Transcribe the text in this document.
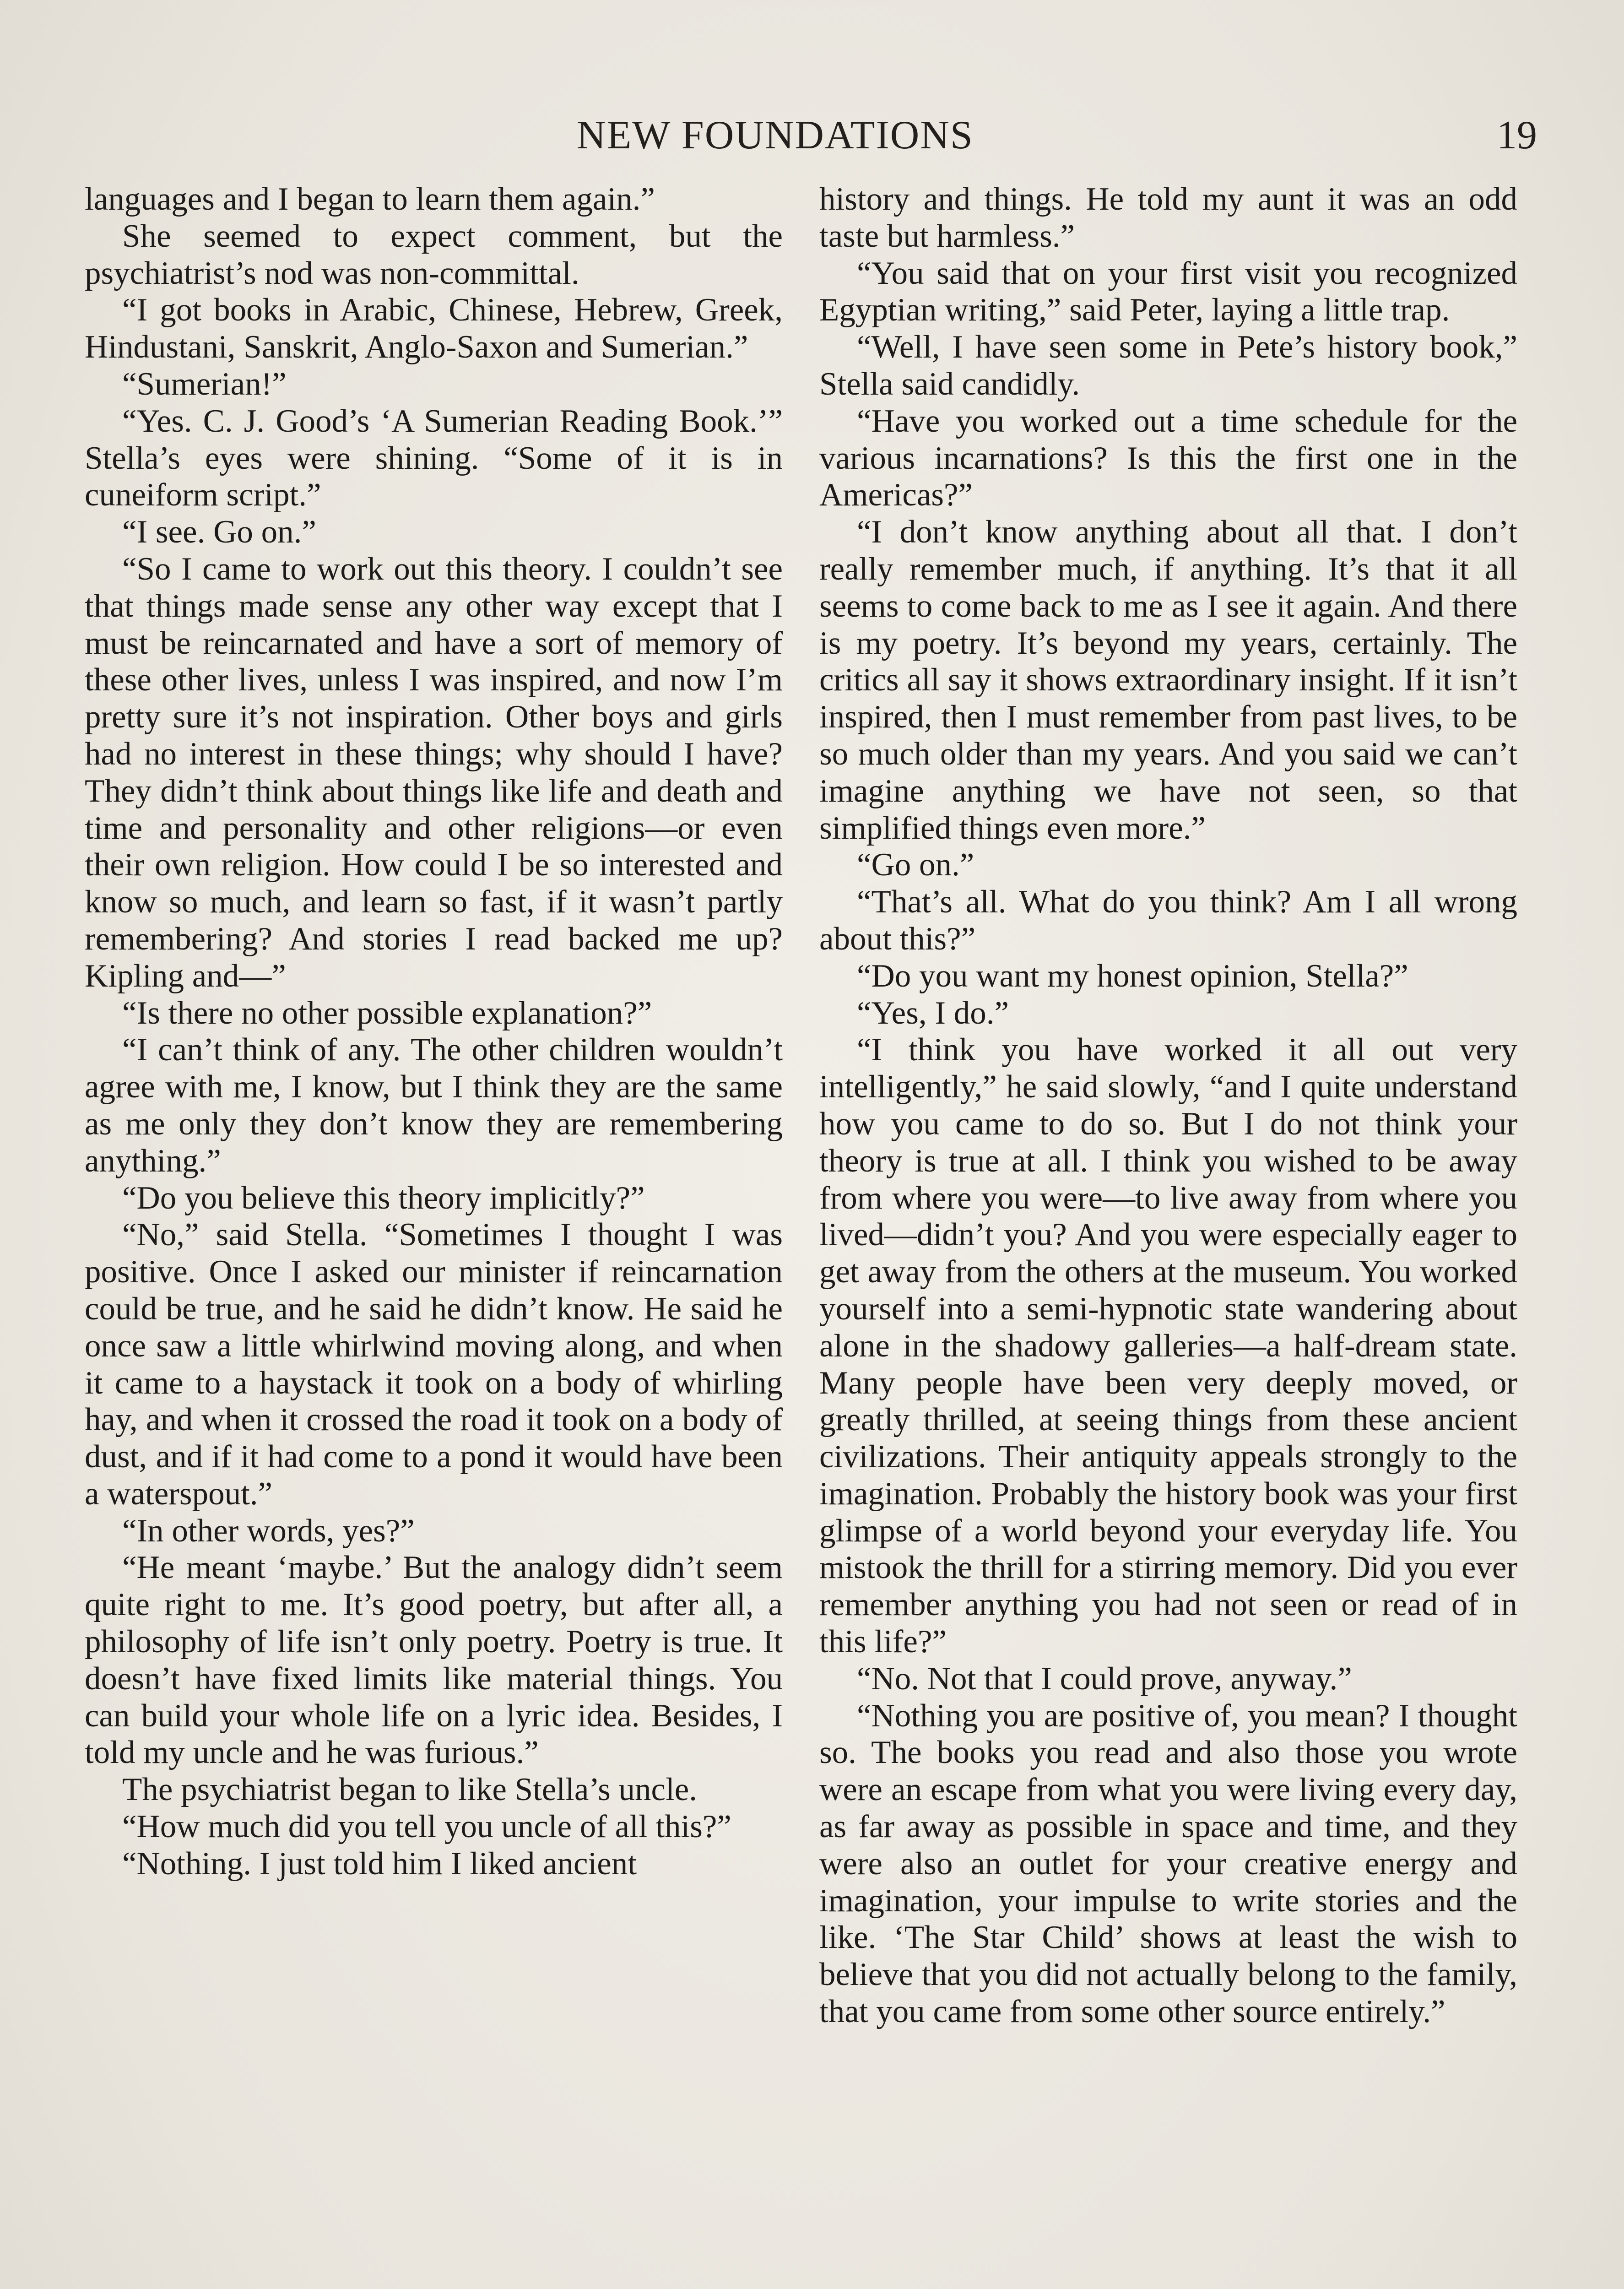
NEW FOUNDATIONS	19

languages and I began to learn them again.”

She seemed to expect comment, but the psychiatrist’s nod was non-committal.

“I got books in Arabic, Chinese, Hebrew, Greek, Hindustani, Sanskrit, Anglo-Saxon and Sumerian.”

“Sumerian!”

“Yes. C. J. Good’s ‘A Sumerian Reading Book.’” Stella’s eyes were shining. “Some of it is in cuneiform script.”

“I see. Go on.”

“So I came to work out this theory. I couldn’t see that things made sense any other way except that I must be reincarnated and have a sort of memory of these other lives, unless I was inspired, and now I’m pretty sure it’s not inspiration. Other boys and girls had no interest in these things; why should I have? They didn’t think about things like life and death and time and personality and other religions—or even their own religion. How could I be so interested and know so much, and learn so fast, if it wasn’t partly remembering? And stories I read backed me up? Kipling and—”

“Is there no other possible explanation?”

“I can’t think of any. The other children wouldn’t agree with me, I know, but I think they are the same as me only they don’t know they are remembering anything.”

“Do you believe this theory implicitly?”

“No,” said Stella. “Sometimes I thought I was positive. Once I asked our minister if reincarnation could be true, and he said he didn’t know. He said he once saw a little whirlwind moving along, and when it came to a haystack it took on a body of whirling hay, and when it crossed the road it took on a body of dust, and if it had come to a pond it would have been a waterspout.”

“In other words, yes?”

“He meant ‘maybe.’ But the analogy didn’t seem quite right to me. It’s good poetry, but after all, a philosophy of life isn’t only poetry. Poetry is true. It doesn’t have fixed limits like material things. You can build your whole life on a lyric idea. Besides, I told my uncle and he was furious.”

The psychiatrist began to like Stella’s uncle.

“How much did you tell you uncle of all this?”

“Nothing. I just told him I liked ancient

history and things. He told my aunt it was an odd taste but harmless.”

“You said that on your first visit you recognized Egyptian writing,” said Peter, laying a little trap.

“Well, I have seen some in Pete’s history book,” Stella said candidly.

“Have you worked out a time schedule for the various incarnations? Is this the first one in the Americas?”

“I don’t know anything about all that. I don’t really remember much, if anything. It’s that it all seems to come back to me as I see it again. And there is my poetry. It’s beyond my years, certainly. The critics all say it shows extraordinary insight. If it isn’t inspired, then I must remember from past lives, to be so much older than my years. And you said we can’t imagine anything we have not seen, so that simplified things even more.”

“Go on.”

“That’s all. What do you think? Am I all wrong about this?”

“Do you want my honest opinion, Stella?”

“Yes, I do.”

“I think you have worked it all out very intelligently,” he said slowly, “and I quite understand how you came to do so. But I do not think your theory is true at all. I think you wished to be away from where you were—to live away from where you lived—didn’t you? And you were especially eager to get away from the others at the museum. You worked yourself into a semi-hypnotic state wandering about alone in the shadowy galleries—a half-dream state. Many people have been very deeply moved, or greatly thrilled, at seeing things from these ancient civilizations. Their antiquity appeals strongly to the imagination. Probably the history book was your first glimpse of a world beyond your everyday life. You mistook the thrill for a stirring memory. Did you ever remember anything you had not seen or read of in this life?”

“No. Not that I could prove, anyway.”

“Nothing you are positive of, you mean? I thought so. The books you read and also those you wrote were an escape from what you were living every day, as far away as possible in space and time, and they were also an outlet for your creative energy and imagination, your impulse to write stories and the like. ‘The Star Child’ shows at least the wish to believe that you did not actually belong to the family, that you came from some other source entirely.”
